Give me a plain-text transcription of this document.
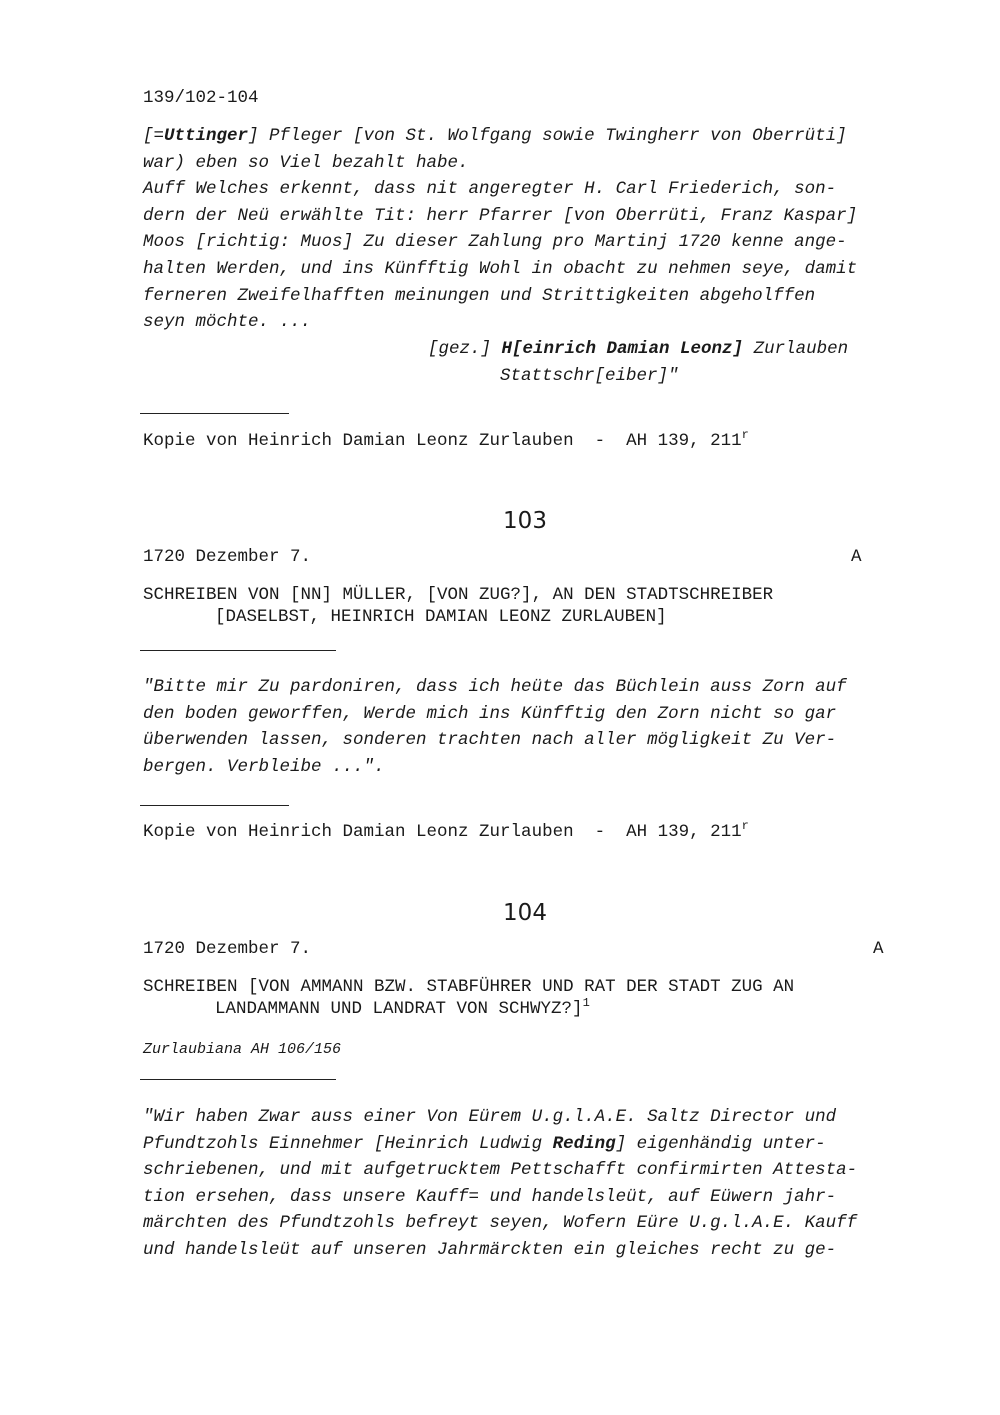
139/102-104
[=Uttinger] Pfleger [von St. Wolfgang sowie Twingherr von Oberrüti]
war) eben so Viel bezahlt habe.
Auff Welches erkennt, dass nit angeregter H. Carl Friederich, son-
dern der Neü erwählte Tit: herr Pfarrer [von Oberrüti, Franz Kaspar]
Moos [richtig: Muos] Zu dieser Zahlung pro Martinj 1720 kenne ange-
halten Werden, und ins Künfftig Wohl in obacht zu nehmen seye, damit
ferneren Zweifelhafften meinungen und Strittigkeiten abgeholffen
seyn möchte. ...
[gez.] H[einrich Damian Leonz] Zurlauben
Stattschr[eiber]"
Kopie von Heinrich Damian Leonz Zurlauben  -  AH 139, 211$^r$
103
1720 Dezember 7.	A
SCHREIBEN VON [NN] MÜLLER, [VON ZUG?], AN DEN STADTSCHREIBER
[DASELBST, HEINRICH DAMIAN LEONZ ZURLAUBEN]
"Bitte mir Zu pardoniren, dass ich heüte das Büchlein auss Zorn auf
den boden geworffen, Werde mich ins Künfftig den Zorn nicht so gar
überwenden lassen, sonderen trachten nach aller mögligkeit Zu Ver-
bergen. Verbleibe ...".
Kopie von Heinrich Damian Leonz Zurlauben  -  AH 139, 211$^r$
104
1720 Dezember 7.	A
SCHREIBEN [VON AMMANN BZW. STABFÜHRER UND RAT DER STADT ZUG AN
LANDAMMANN UND LANDRAT VON SCHWYZ?]$^1$
Zurlaubiana AH 106/156
"Wir haben Zwar auss einer Von Eürem U.g.l.A.E. Saltz Director und
Pfundtzohls Einnehmer [Heinrich Ludwig Reding] eigenhändig unter-
schriebenen, und mit aufgetrucktem Pettschafft confirmirten Attesta-
tion ersehen, dass unsere Kauff= und handelsleüt, auf Eüwern jahr-
märchten des Pfundtzohls befreyt seyen, Wofern Eüre U.g.l.A.E. Kauff
und handelsleüt auf unseren Jahrmärckten ein gleiches recht zu ge-
